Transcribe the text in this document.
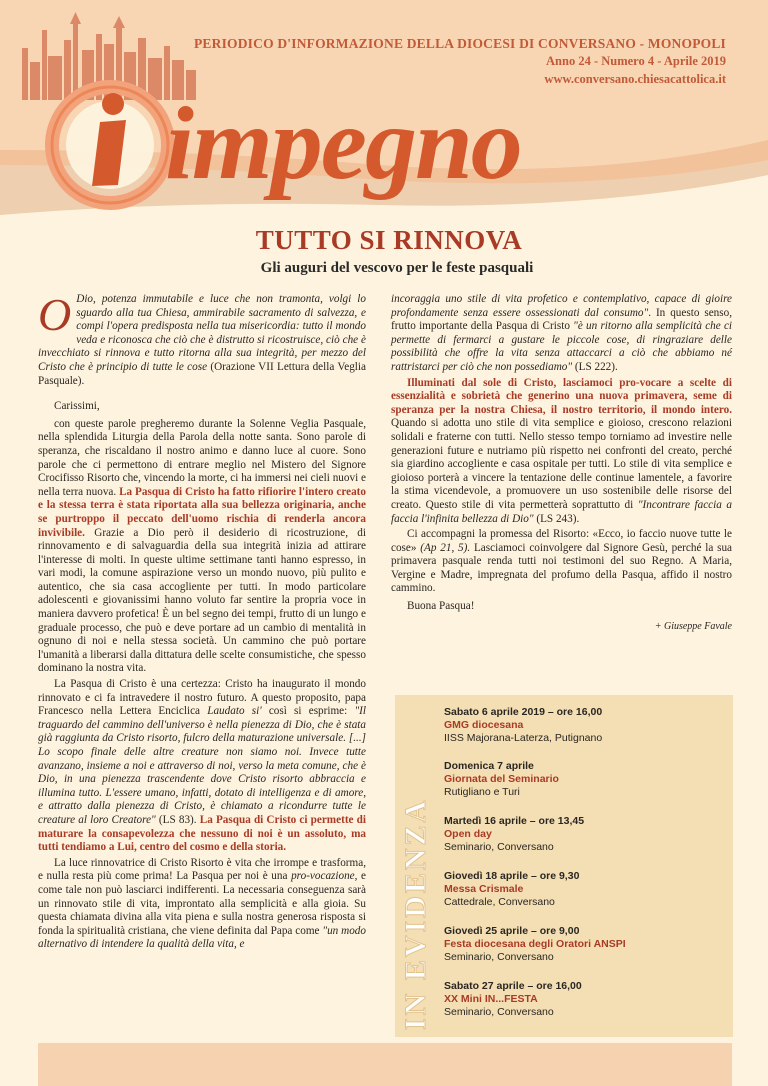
impegno
PERIODICO D'INFORMAZIONE DELLA DIOCESI DI CONVERSANO - MONOPOLI
Anno 24 - Numero 4 - Aprile 2019
www.conversano.chiesacattolica.it
TUTTO SI RINNOVA
Gli auguri del vescovo per le feste pasquali

O Dio, potenza immutabile e luce che non tramonta, volgi lo sguardo alla tua Chiesa, ammirabile sacramento di salvezza, e compi l'opera predisposta nella tua misericordia: tutto il mondo veda e riconosca che ciò che è distrutto si ricostruisce, ciò che è invecchiato si rinnova e tutto ritorna alla sua integrità, per mezzo del Cristo che è principio di tutte le cose (Orazione VII Lettura della Veglia Pasquale).

Carissimi,

con queste parole pregheremo durante la Solenne Veglia Pasquale, nella splendida Liturgia della Parola della notte santa. Sono parole di speranza, che riscaldano il nostro animo e danno luce al cuore. Sono parole che ci permettono di entrare meglio nel Mistero del Signore Crocifisso Risorto che, vincendo la morte, ci ha immersi nei cieli nuovi e nella terra nuova. La Pasqua di Cristo ha fatto rifiorire l'intero creato e la stessa terra è stata riportata alla sua bellezza originaria, anche se purtroppo il peccato dell'uomo rischia di renderla ancora invivibile. Grazie a Dio però il desiderio di ricostruzione, di rinnovamento e di salvaguardia della sua integrità inizia ad attirare l'interesse di molti. In queste ultime settimane tanti hanno espresso, in vari modi, la comune aspirazione verso un mondo nuovo, più pulito e autentico, che sia casa accogliente per tutti. In modo particolare adolescenti e giovanissimi hanno voluto far sentire la propria voce in maniera davvero profetica! È un bel segno dei tempi, frutto di un lungo e graduale processo, che può e deve portare ad un cambio di mentalità in ognuno di noi e nella stessa società. Un cammino che può portare l'umanità a liberarsi dalla dittatura delle scelte consumistiche, che spesso dominano la nostra vita.

La Pasqua di Cristo è una certezza: Cristo ha inaugurato il mondo rinnovato e ci fa intravedere il nostro futuro. A questo proposito, papa Francesco nella Lettera Enciclica Laudato si' così si esprime: "Il traguardo del cammino dell'universo è nella pienezza di Dio, che è stata già raggiunta da Cristo risorto, fulcro della maturazione universale. [...] Lo scopo finale delle altre creature non siamo noi. Invece tutte avanzano, insieme a noi e attraverso di noi, verso la meta comune, che è Dio, in una pienezza trascendente dove Cristo risorto abbraccia e illumina tutto. L'essere umano, infatti, dotato di intelligenza e di amore, e attratto dalla pienezza di Cristo, è chiamato a ricondurre tutte le creature al loro Creatore" (LS 83). La Pasqua di Cristo ci permette di maturare la consapevolezza che nessuno di noi è un assoluto, ma tutti tendiamo a Lui, centro del cosmo e della storia.

La luce rinnovatrice di Cristo Risorto è vita che irrompe e trasforma, e nulla resta più come prima! La Pasqua per noi è una pro-vocazione, e come tale non può lasciarci indifferenti. La necessaria conseguenza sarà un rinnovato stile di vita, improntato alla semplicità e alla gioia. Su questa chiamata divina alla vita piena e sulla nostra generosa risposta si fonda la spiritualità cristiana, che viene definita dal Papa come "un modo alternativo di intendere la qualità della vita, e

incoraggia uno stile di vita profetico e contemplativo, capace di gioire profondamente senza essere ossessionati dal consumo". In questo senso, frutto importante della Pasqua di Cristo "è un ritorno alla semplicità che ci permette di fermarci a gustare le piccole cose, di ringraziare delle possibilità che offre la vita senza attaccarci a ciò che abbiamo né rattristarci per ciò che non possediamo" (LS 222).

Illuminati dal sole di Cristo, lasciamoci pro-vocare a scelte di essenzialità e sobrietà che generino una nuova primavera, seme di speranza per la nostra Chiesa, il nostro territorio, il mondo intero. Quando si adotta uno stile di vita semplice e gioioso, crescono relazioni solidali e fraterne con tutti. Nello stesso tempo torniamo ad investire nelle generazioni future e nutriamo più rispetto nei confronti del creato, perché sia giardino accogliente e casa ospitale per tutti. Lo stile di vita semplice e gioioso porterà a vincere la tentazione delle continue lamentele, a favorire la stima vicendevole, a promuovere un uso sostenibile delle risorse del creato. Questo stile di vita permetterà soprattutto di "Incontrare faccia a faccia l'infinita bellezza di Dio" (LS 243).

Ci accompagni la promessa del Risorto: «Ecco, io faccio nuove tutte le cose» (Ap 21, 5). Lasciamoci coinvolgere dal Signore Gesù, perché la sua primavera pasquale renda tutti noi testimoni del suo Regno. A Maria, Vergine e Madre, impregnata del profumo della Pasqua, affido il nostro cammino.

Buona Pasqua!

+ Giuseppe Favale
IN EVIDENZA
Sabato 6 aprile 2019 – ore 16,00
GMG diocesana
IISS Majorana-Laterza, Putignano
Domenica 7 aprile
Giornata del Seminario
Rutigliano e Turi
Martedì 16 aprile – ore 13,45
Open day
Seminario, Conversano
Giovedì 18 aprile – ore 9,30
Messa Crismale
Cattedrale, Conversano
Giovedì 25 aprile – ore 9,00
Festa diocesana degli Oratori ANSPI
Seminario, Conversano
Sabato 27 aprile – ore 16,00
XX Mini IN...FESTA
Seminario, Conversano
